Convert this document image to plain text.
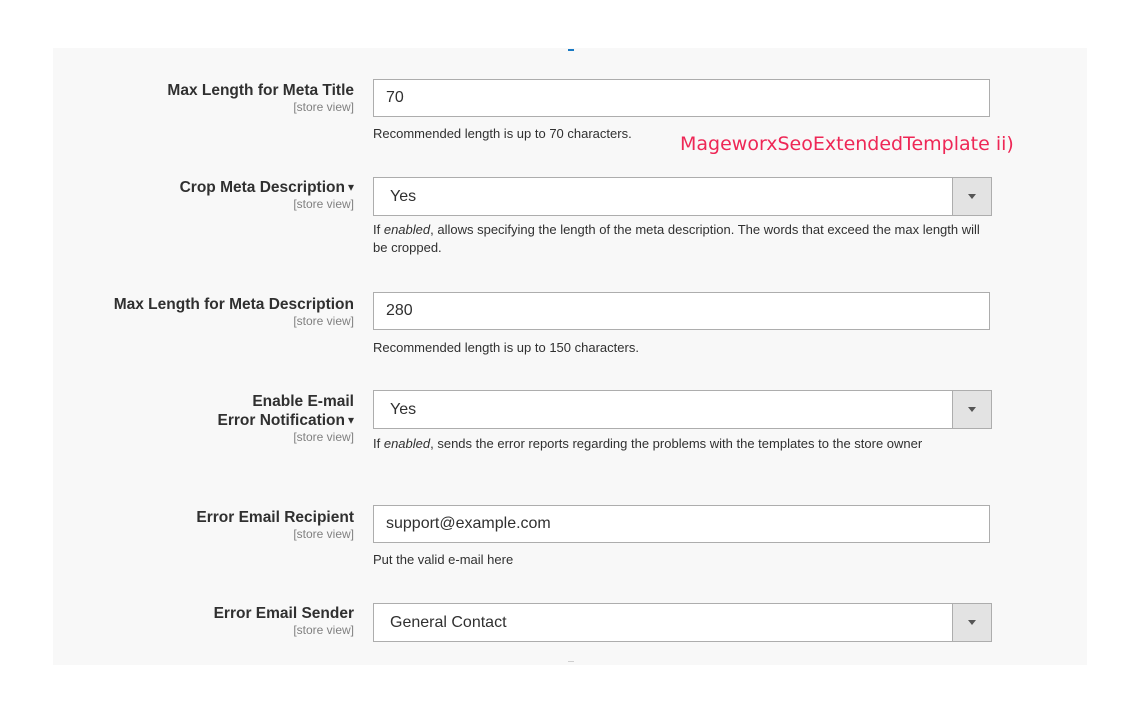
Max Length for Meta Title
[store view]
70
Recommended length is up to 70 characters.	MageworxSeoExtendedTemplate ii)
Crop Meta Description ▾
[store view] Yes
If enabled, allows specifying the length of the meta description. The words that exceed the max length will be cropped.
Max Length for Meta Description
[store view]
280
Recommended length is up to 150 characters.
Enable E-mail
Error Notification ▾
[store view]
Yes
If enabled, sends the error reports regarding the problems with the templates to the store owner
Error Email Recipient
[store view]
support@example.com
Put the valid e-mail here
Error Email Sender
[store view] General Contact
